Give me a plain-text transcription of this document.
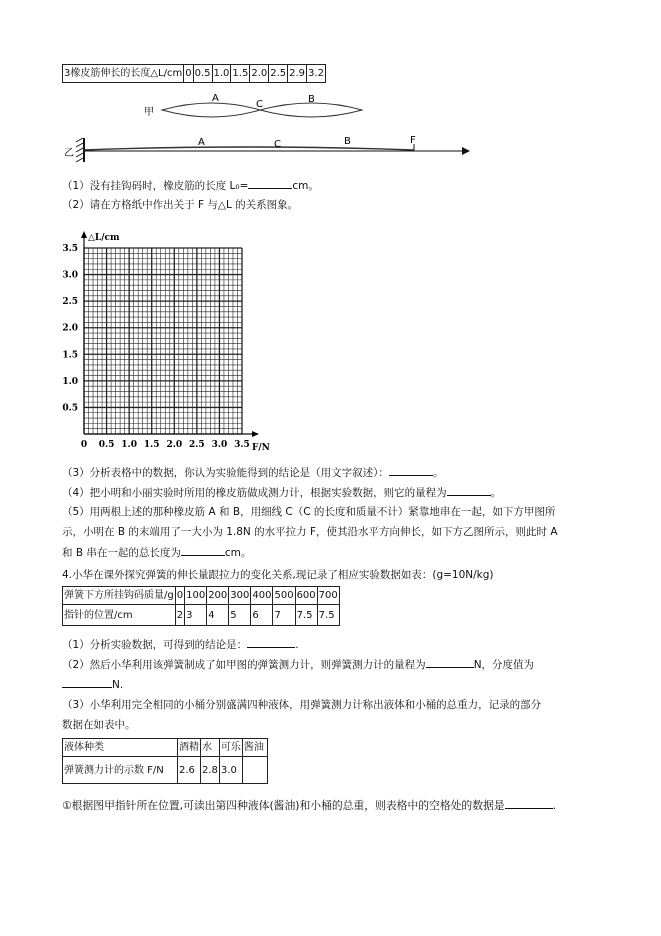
3橡皮筋伸长的长度△L/cm	0	0.5	1.0	1.5	2.0	2.5	2.9	3.2
甲
A
C	B
乙
A	C	B	F
（1）没有挂钩码时，橡皮筋的长度 L₀=	cm。
（2）请在方格纸中作出关于 F 与△L 的关系图象。
△L/cm
F/N
3.5
3.0
2.5
2.0
1.5
1.0
0.5
0 0.5 1.0 1.5 2.0 2.5 3.0 3.5
（3）分析表格中的数据，你认为实验能得到的结论是（用文字叙述）：	。
（4）把小明和小丽实验时所用的橡皮筋做成测力计，根据实验数据，则它的量程为	。
（5）用两根上述的那种橡皮筋 A 和 B，用细线 C（C 的长度和质量不计）紧靠地串在一起，如下方甲图所
示，小明在 B 的末端用了一大小为 1.8N 的水平拉力 F，使其沿水平方向伸长，如下方乙图所示，则此时 A
和 B 串在一起的总长度为	cm。
4.小华在课外探究弹簧的伸长量跟拉力的变化关系,现记录了相应实验数据如表：(g=10N/kg)
弹簧下方所挂钩码质量/g	0	100	200	300	400	500	600	700
指针的位置/cm	2	3	4	5	6	7	7.5	7.5
（1）分析实验数据，可得到的结论是：	.
（2）然后小华利用该弹簧制成了如甲图的弹簧测力计，则弹簧测力计的量程为	N，分度值为
N.
（3）小华利用完全相同的小桶分别盛满四种液体，用弹簧测力计称出液体和小桶的总重力，记录的部分
数据在如表中。
液体种类	酒精	水	可乐	酱油
弹簧测力计的示数 F/N	2.6	2.8	3.0	
①根据图甲指针所在位置,可读出第四种液体(酱油)和小桶的总重，则表格中的空格处的数据是	.
